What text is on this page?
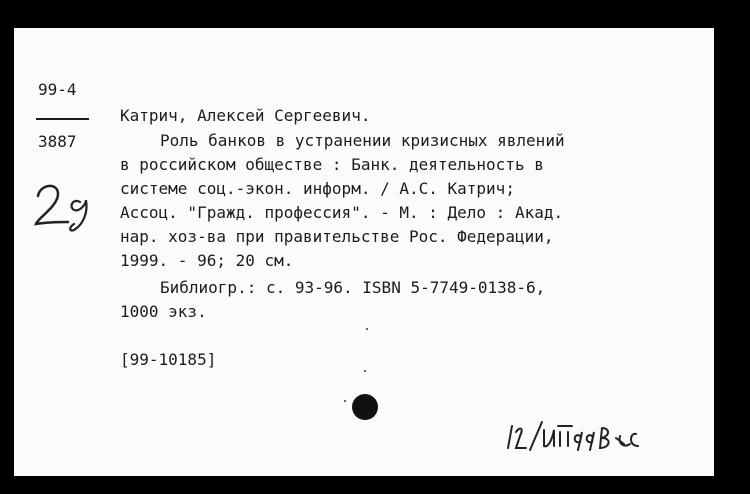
99-4
3887
Катрич, Алексей Сергеевич.
Роль банков в устранении кризисных явлений
в российском обществе : Банк. деятельность в
системе соц.-экон. информ. / А.С. Катрич;
Ассоц. "Гражд. профессия". - М. : Дело : Акад.
нар. хоз-ва при правительстве Рос. Федерации,
1999. - 96; 20 см.
Библиогр.: с. 93-96. ISBN 5-7749-0138-6,
1000 экз.
[99-10185]
